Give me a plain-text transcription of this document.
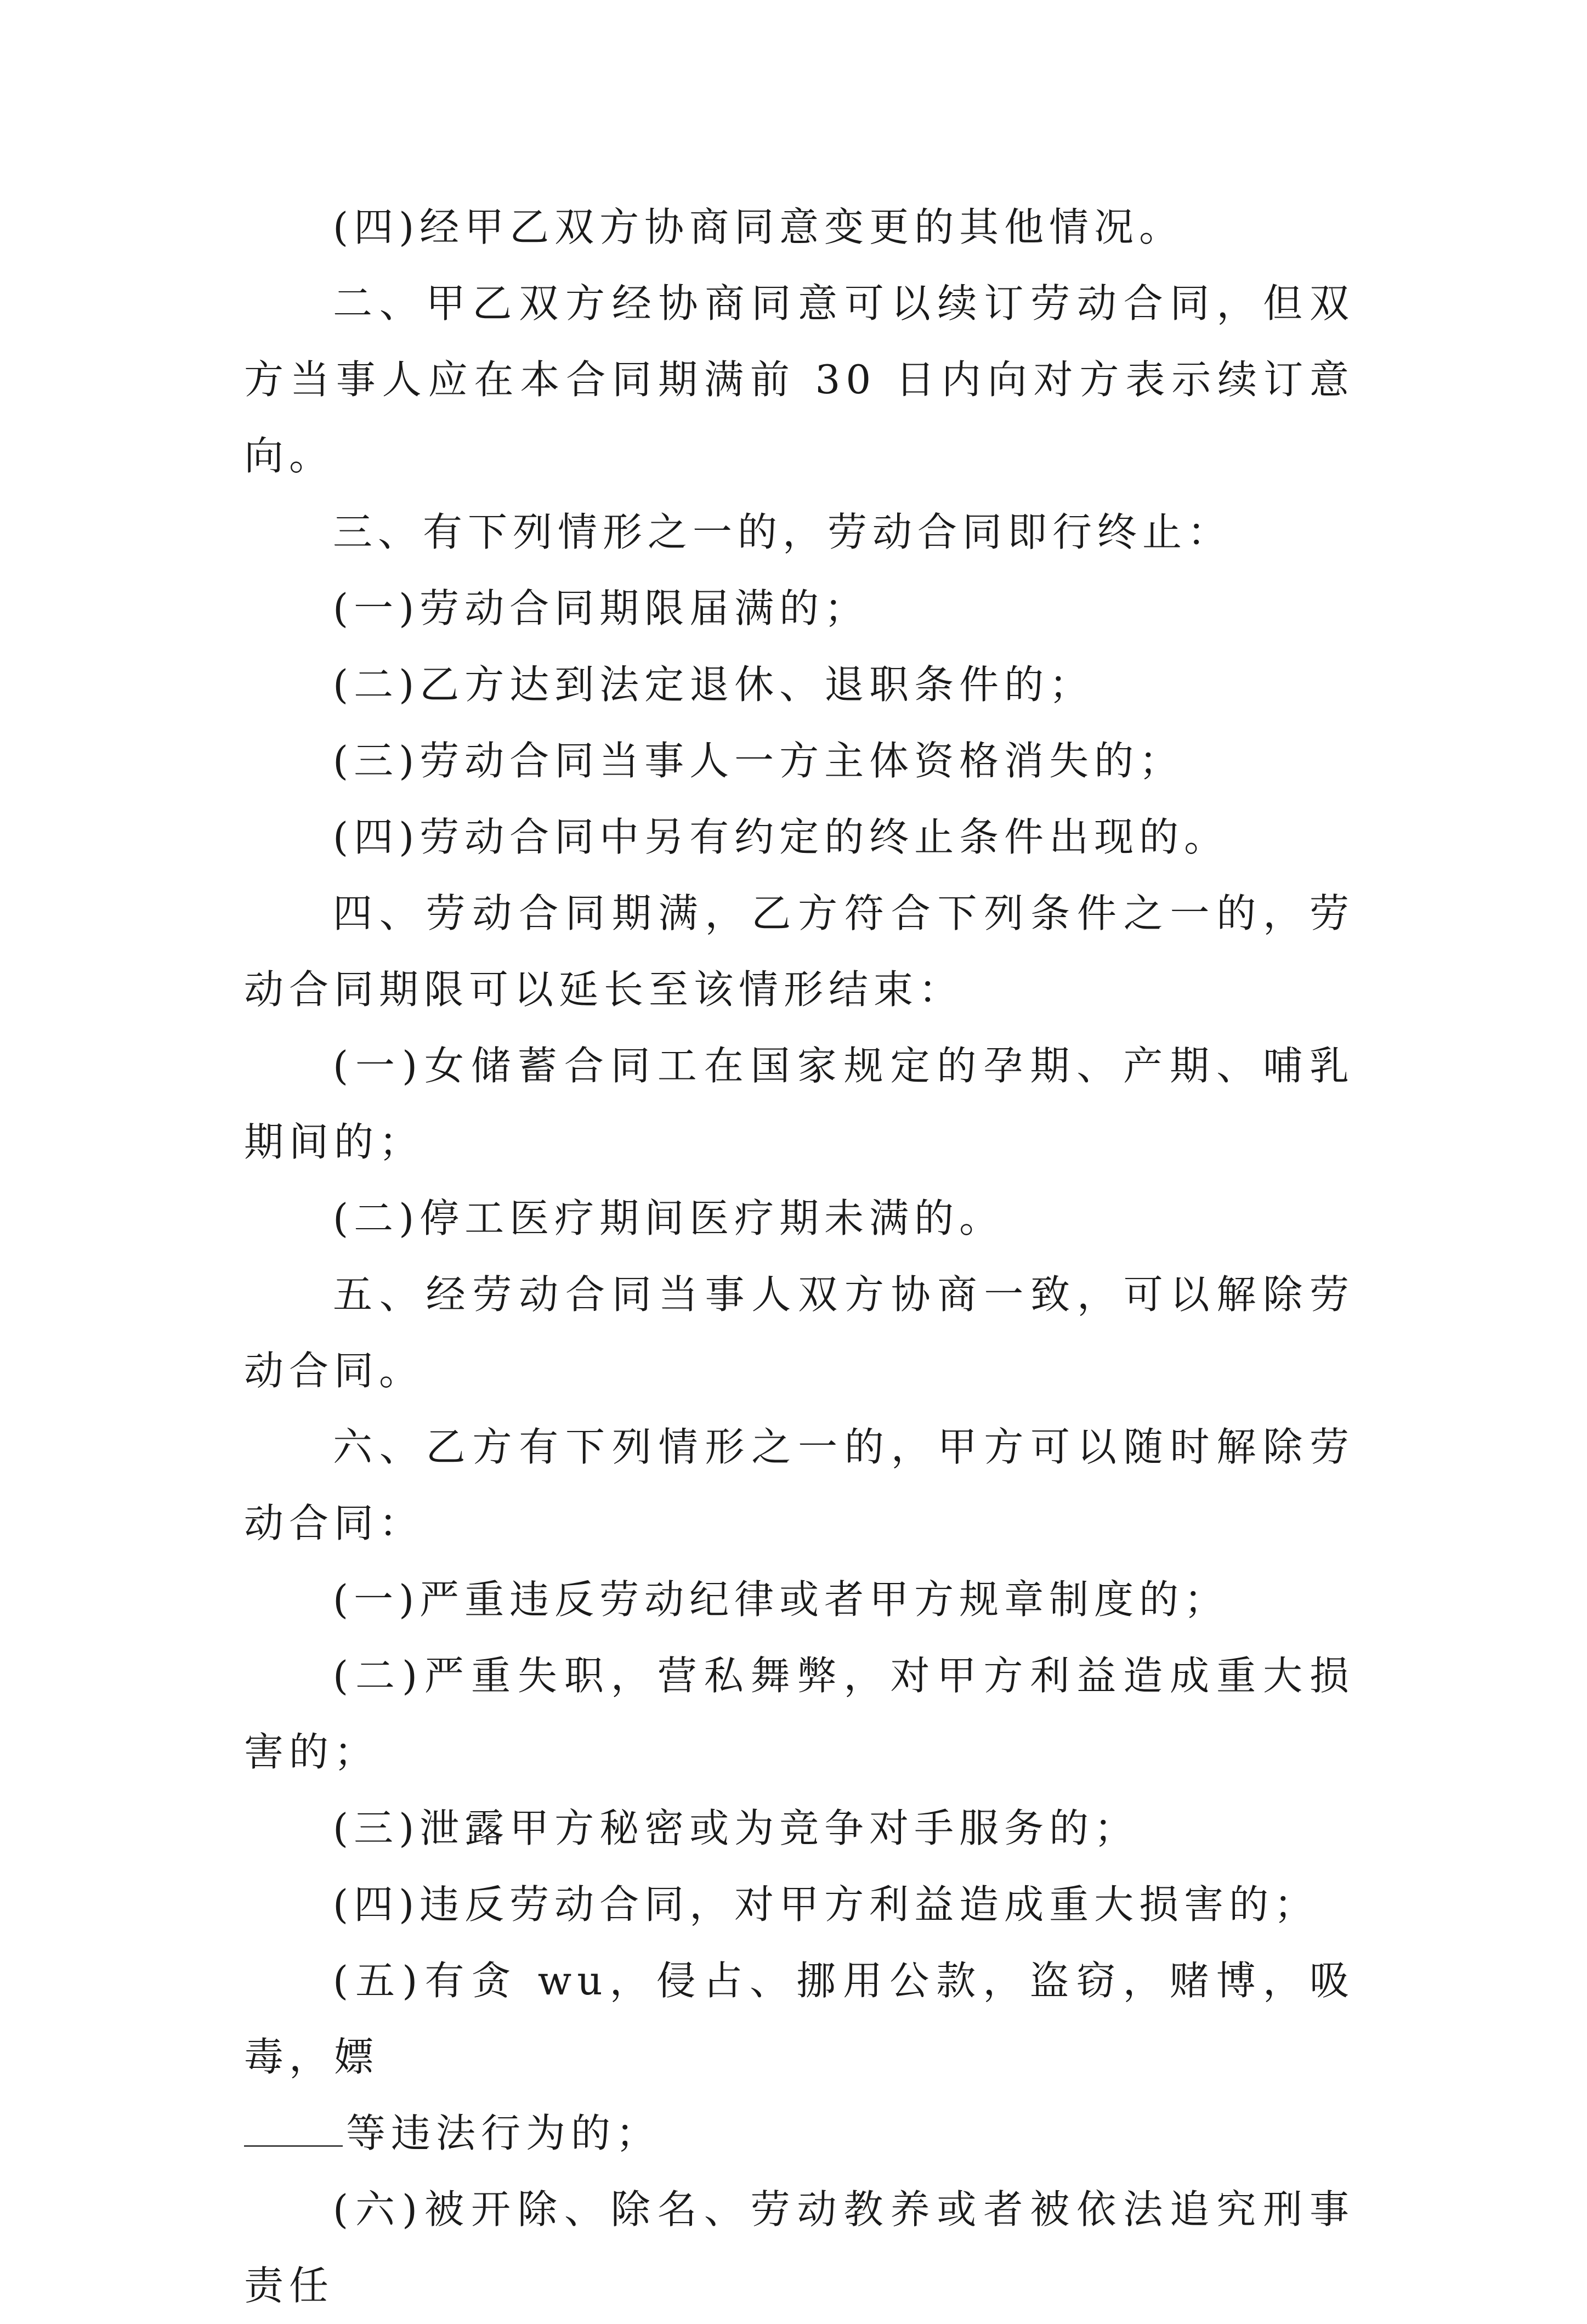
(四)经甲乙双方协商同意变更的其他情况。

二、甲乙双方经协商同意可以续订劳动合同，但双方当事人应在本合同期满前 30 日内向对方表示续订意向。

三、有下列情形之一的，劳动合同即行终止：

(一)劳动合同期限届满的；

(二)乙方达到法定退休、退职条件的；

(三)劳动合同当事人一方主体资格消失的；

(四)劳动合同中另有约定的终止条件出现的。

四、劳动合同期满，乙方符合下列条件之一的，劳动合同期限可以延长至该情形结束：

(一)女储蓄合同工在国家规定的孕期、产期、哺乳期间的；

(二)停工医疗期间医疗期未满的。

五、经劳动合同当事人双方协商一致，可以解除劳动合同。

六、乙方有下列情形之一的，甲方可以随时解除劳动合同：

(一)严重违反劳动纪律或者甲方规章制度的；

(二)严重失职，营私舞弊，对甲方利益造成重大损害的；

(三)泄露甲方秘密或为竞争对手服务的；

(四)违反劳动合同，对甲方利益造成重大损害的；

(五)有贪 wu，侵占、挪用公款，盗窃，赌博，吸毒，嫖

等违法行为的；

(六)被开除、除名、劳动教养或者被依法追究刑事责任
